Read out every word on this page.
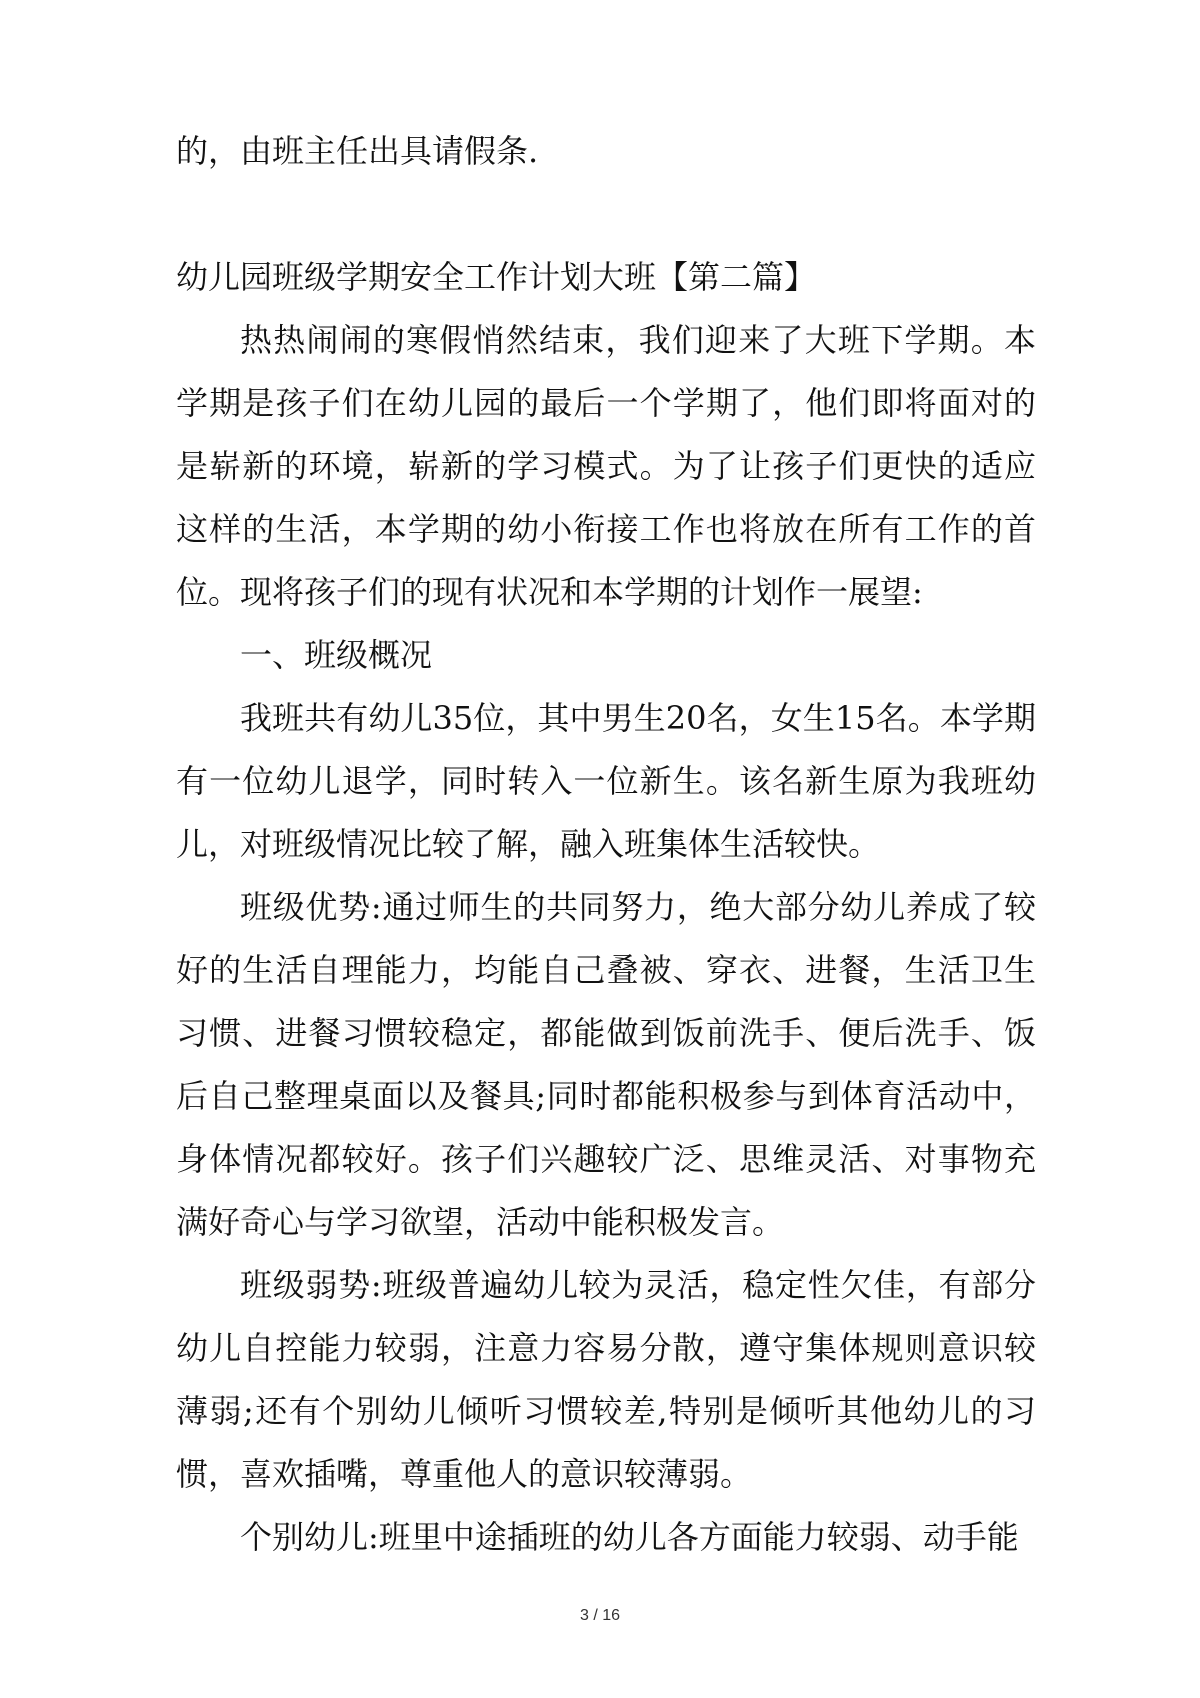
的，由班主任出具请假条.

幼儿园班级学期安全工作计划大班【第二篇】

热热闹闹的寒假悄然结束，我们迎来了大班下学期。本学期是孩子们在幼儿园的最后一个学期了，他们即将面对的是崭新的环境，崭新的学习模式。为了让孩子们更快的适应这样的生活，本学期的幼小衔接工作也将放在所有工作的首位。现将孩子们的现有状况和本学期的计划作一展望:

一、班级概况

我班共有幼儿35位，其中男生20名，女生15名。本学期有一位幼儿退学，同时转入一位新生。该名新生原为我班幼儿，对班级情况比较了解，融入班集体生活较快。

班级优势:通过师生的共同努力，绝大部分幼儿养成了较好的生活自理能力，均能自己叠被、穿衣、进餐，生活卫生习惯、进餐习惯较稳定，都能做到饭前洗手、便后洗手、饭后自己整理桌面以及餐具;同时都能积极参与到体育活动中，身体情况都较好。孩子们兴趣较广泛、思维灵活、对事物充满好奇心与学习欲望，活动中能积极发言。

班级弱势:班级普遍幼儿较为灵活，稳定性欠佳，有部分幼儿自控能力较弱，注意力容易分散，遵守集体规则意识较薄弱;还有个别幼儿倾听习惯较差,特别是倾听其他幼儿的习惯，喜欢插嘴，尊重他人的意识较薄弱。

个别幼儿:班里中途插班的幼儿各方面能力较弱、动手能

3 / 16
